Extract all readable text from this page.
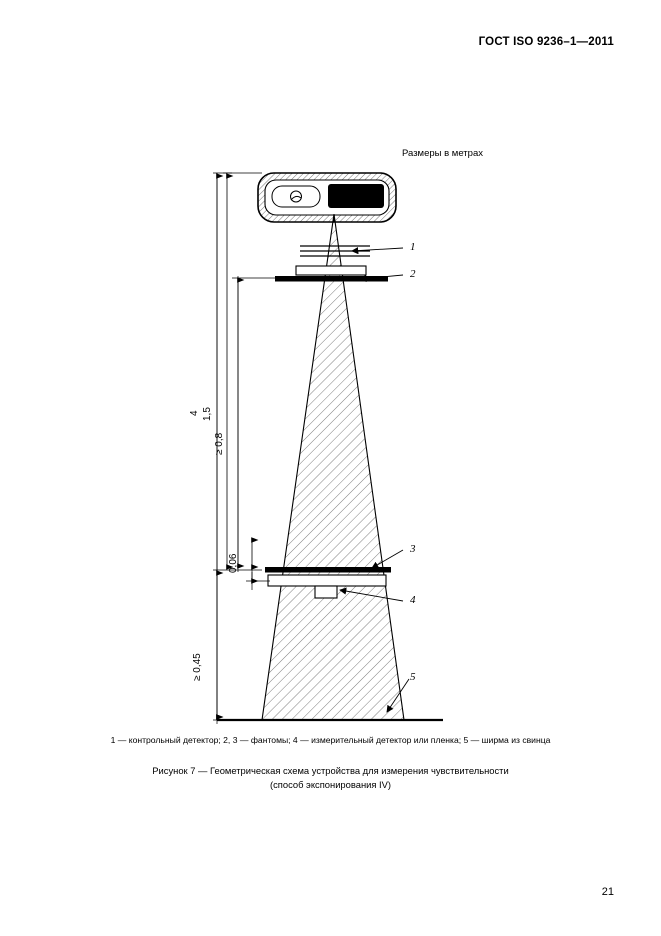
ГОСТ ISO 9236–1—2011
Размеры в метрах
1
2
3
4
5
4 1,5
≥ 0,8
0,06
≥ 0,45
1 — контрольный детектор; 2, 3 — фантомы; 4 — измерительный детектор или пленка; 5 — ширма из свинца
Рисунок 7 — Геометрическая схема устройства для измерения чувствительности
(способ экспонирования IV)
21
